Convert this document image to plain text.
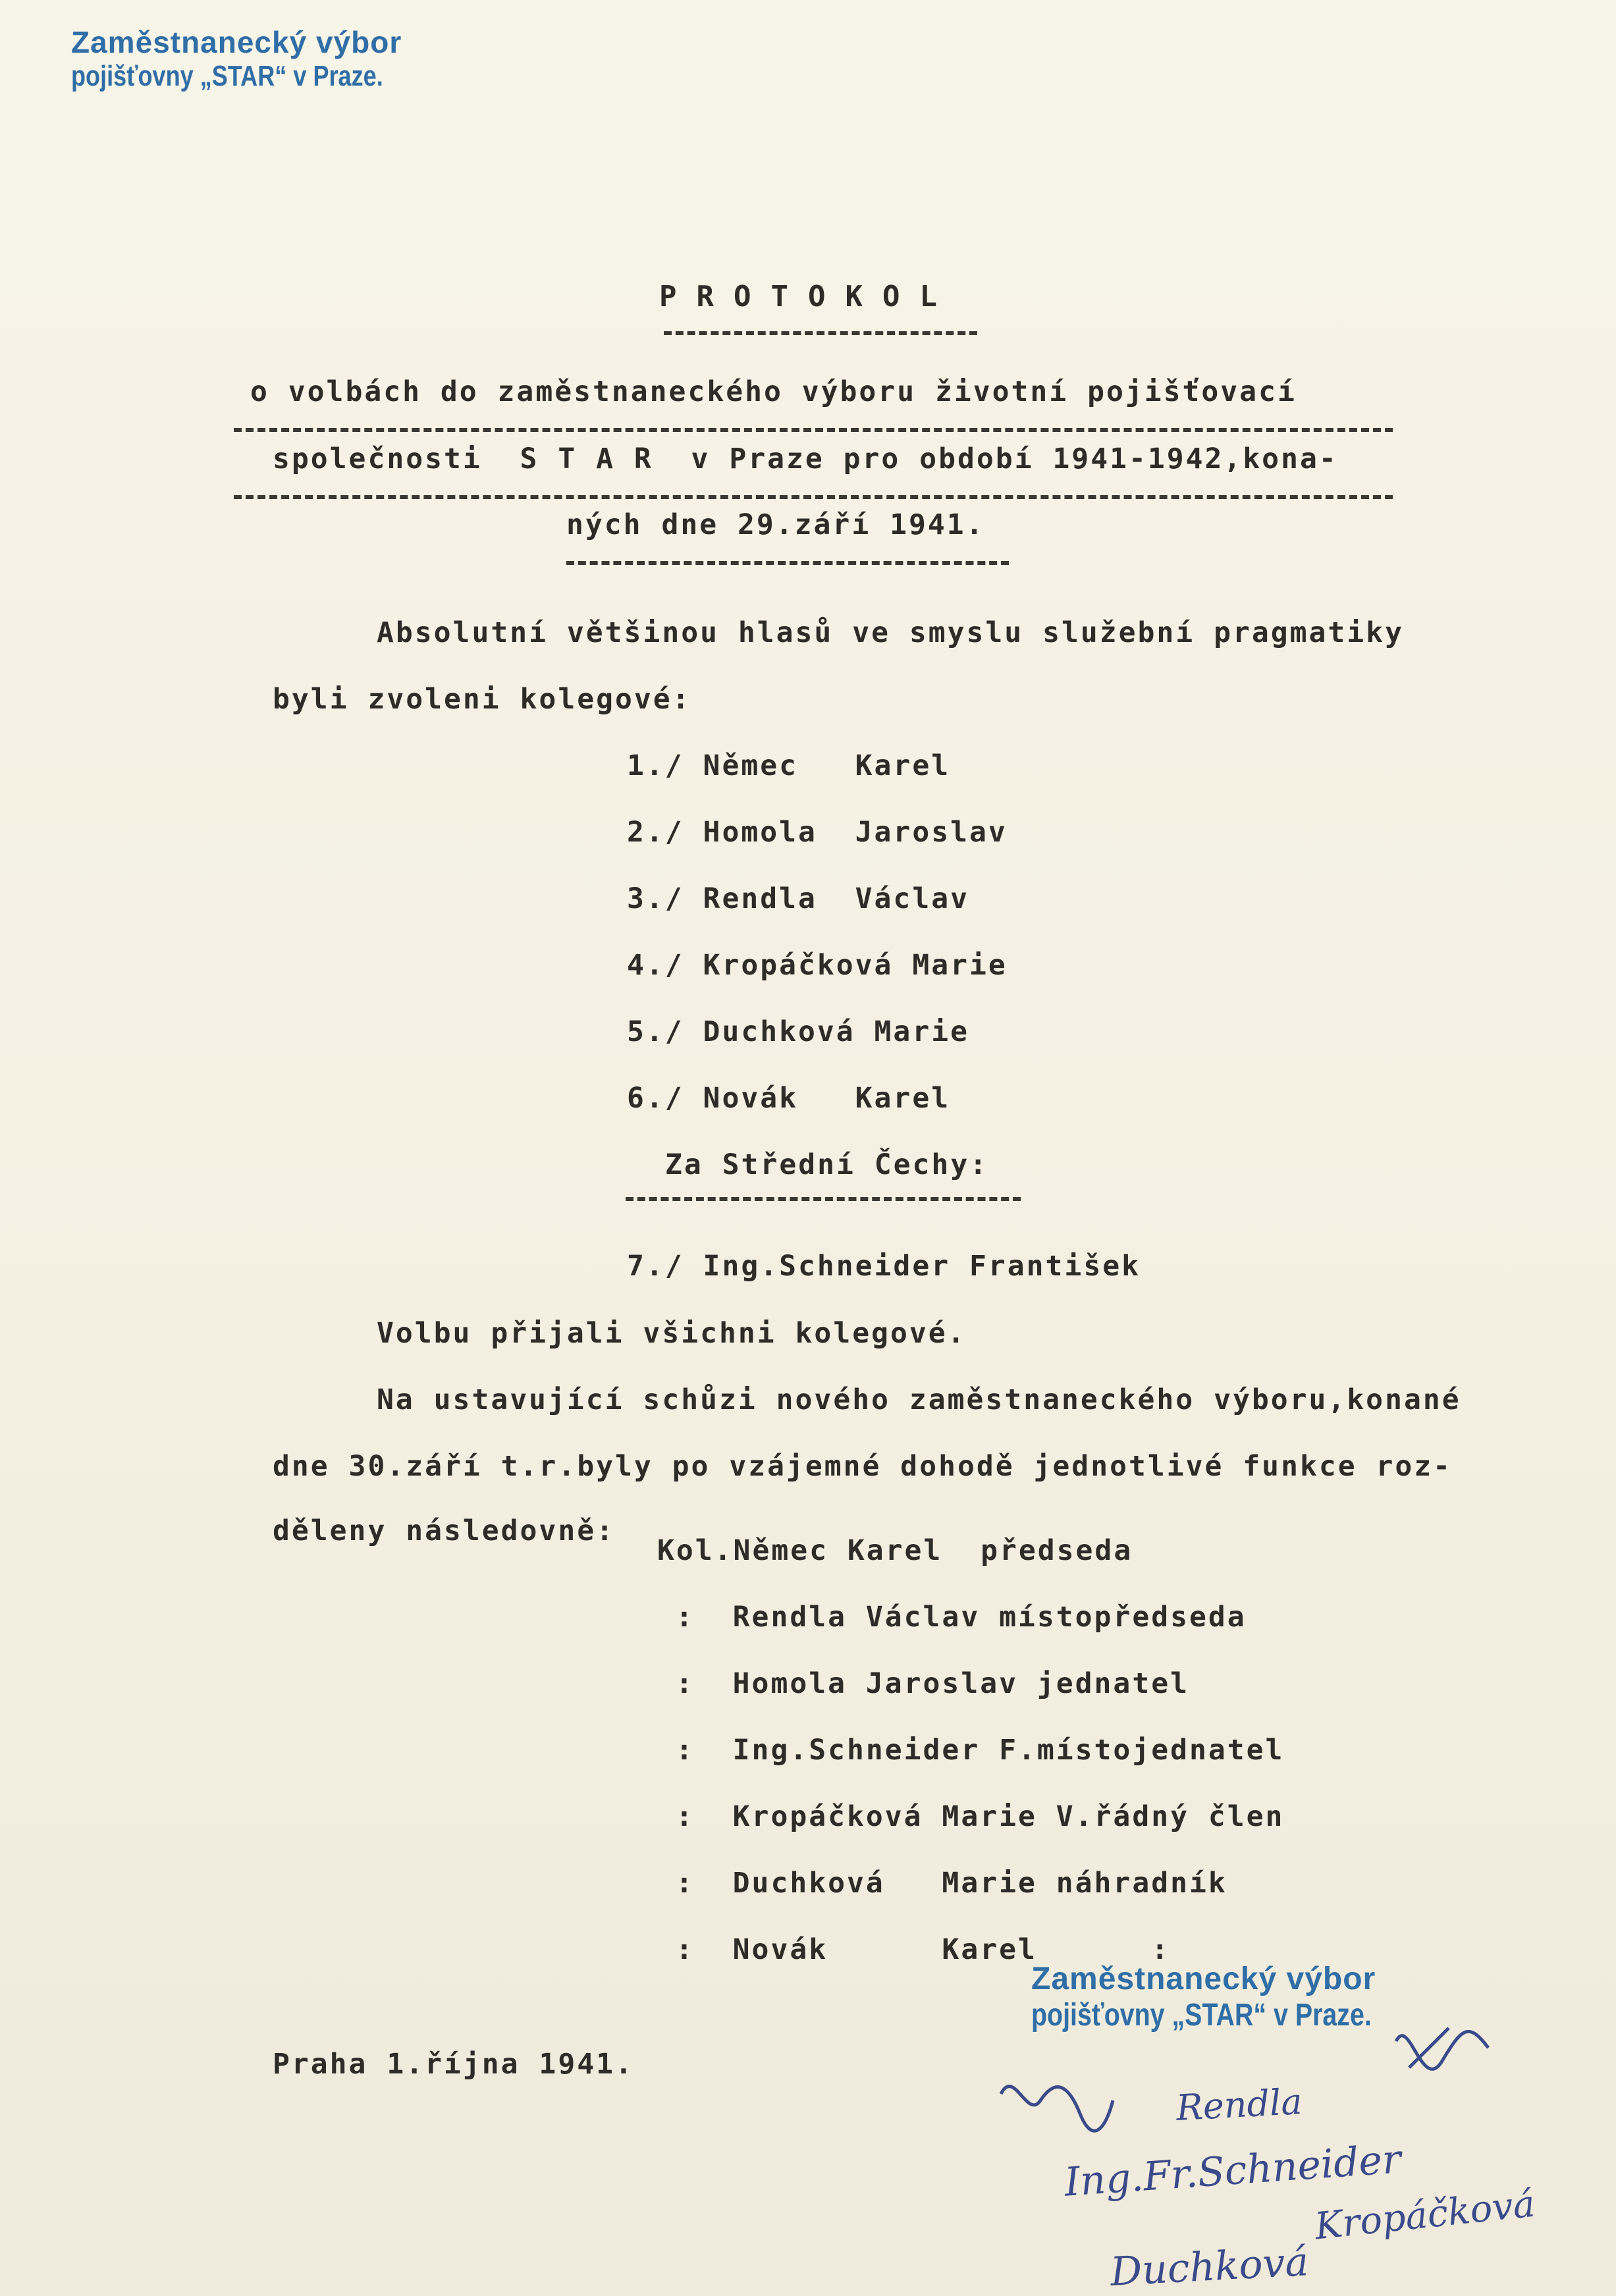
Zaměstnanecký výbor
pojišťovny „STAR“ v Praze.
PROTOKOL
o volbách do zaměstnaneckého výboru životní pojišťovací
společnosti  S T A R  v Praze pro období 1941-1942,kona-
ných dne 29.září 1941.
Absolutní většinou hlasů ve smyslu služební pragmatiky
byli zvoleni kolegové:
1./ Němec   Karel
2./ Homola  Jaroslav
3./ Rendla  Václav
4./ Kropáčková Marie
5./ Duchková Marie
6./ Novák   Karel
Za Střední Čechy:
7./ Ing.Schneider František
Volbu přijali všichni kolegové.
Na ustavující schůzi nového zaměstnaneckého výboru,konané
dne 30.září t.r.byly po vzájemné dohodě jednotlivé funkce roz-
děleny následovně:
Kol.Němec Karel  předseda
:  Rendla Václav místopředseda
:  Homola Jaroslav jednatel
:  Ing.Schneider F.místojednatel
:  Kropáčková Marie V.řádný člen
:  Duchková   Marie náhradník
:  Novák      Karel      :
Praha 1.října 1941.
Zaměstnanecký výbor
pojišťovny „STAR“ v Praze.
Rendla
Ing.Fr.Schneider
Kropáčková
Duchková
